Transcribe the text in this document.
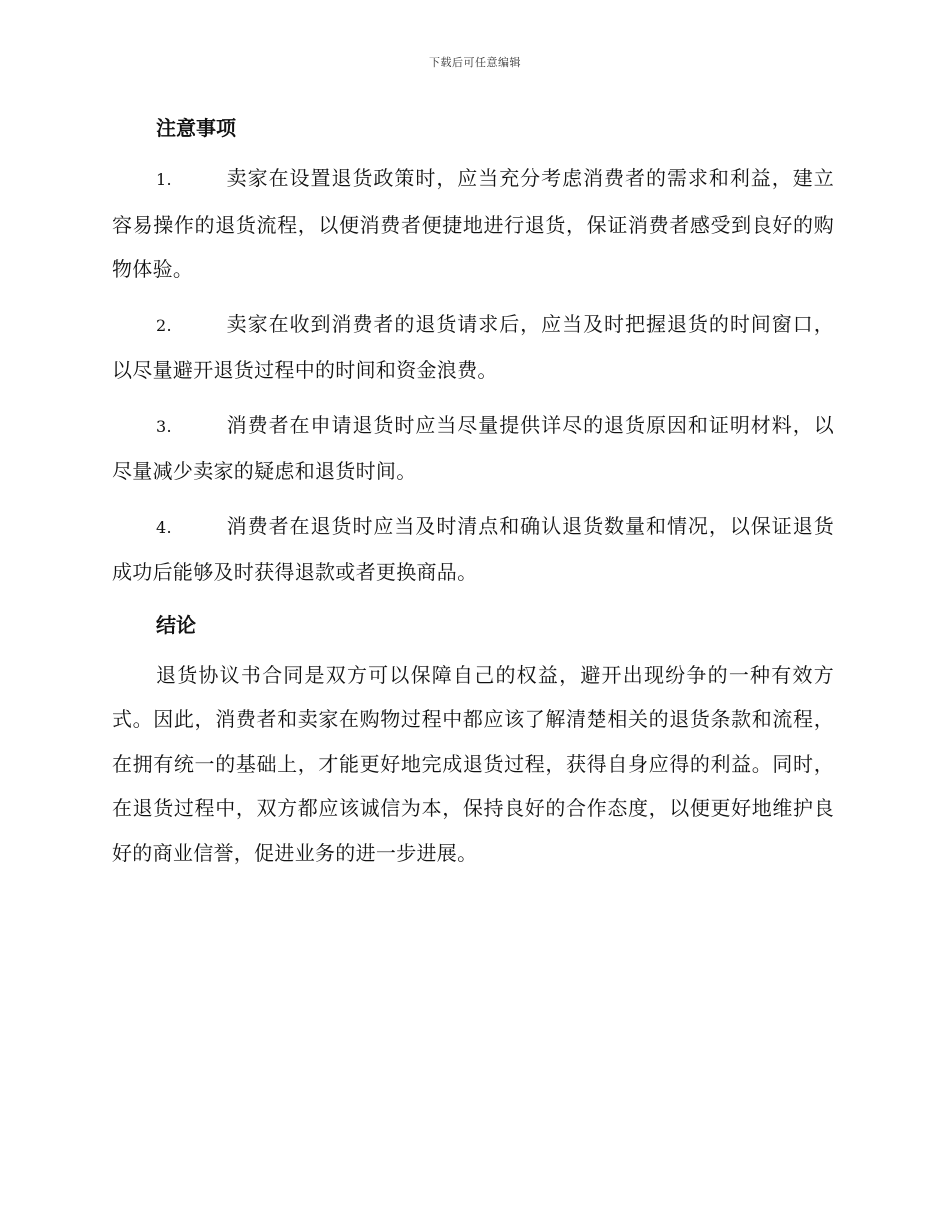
下载后可任意编辑
注意事项

1.	卖家在设置退货政策时，应当充分考虑消费者的需求和利益，建立容易操作的退货流程，以便消费者便捷地进行退货，保证消费者感受到良好的购物体验。

2.	卖家在收到消费者的退货请求后，应当及时把握退货的时间窗口，以尽量避开退货过程中的时间和资金浪费。

3.	消费者在申请退货时应当尽量提供详尽的退货原因和证明材料，以尽量减少卖家的疑虑和退货时间。

4.	消费者在退货时应当及时清点和确认退货数量和情况，以保证退货成功后能够及时获得退款或者更换商品。

结论

退货协议书合同是双方可以保障自己的权益，避开出现纷争的一种有效方式。因此，消费者和卖家在购物过程中都应该了解清楚相关的退货条款和流程，在拥有统一的基础上，才能更好地完成退货过程，获得自身应得的利益。同时，在退货过程中，双方都应该诚信为本，保持良好的合作态度，以便更好地维护良好的商业信誉，促进业务的进一步进展。
